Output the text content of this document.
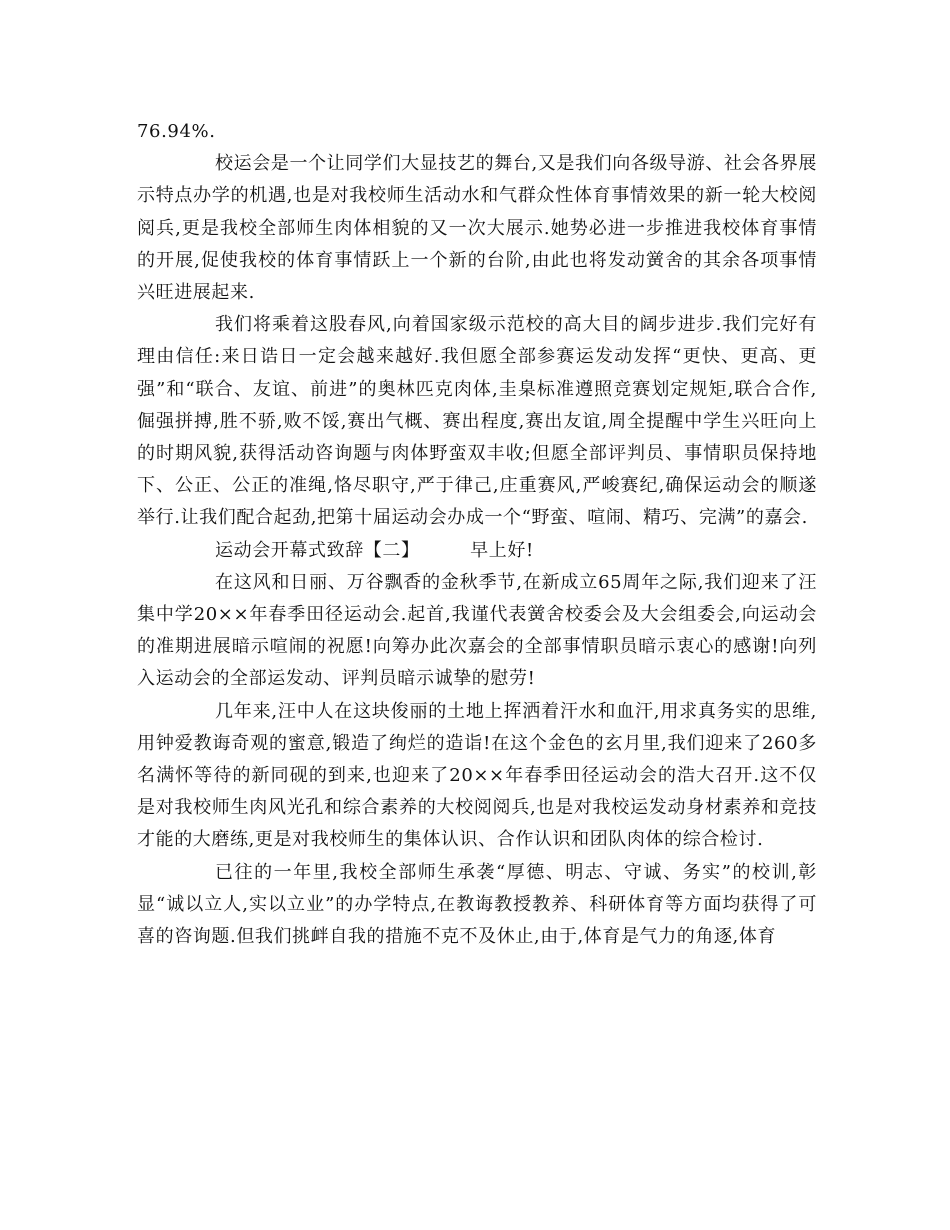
76.94%.

校运会是一个让同学们大显技艺的舞台,又是我们向各级导游、社会各界展示特点办学的机遇,也是对我校师生活动水和气群众性体育事情效果的新一轮大校阅阅兵,更是我校全部师生肉体相貌的又一次大展示.她势必进一步推进我校体育事情的开展,促使我校的体育事情跃上一个新的台阶,由此也将发动黉舍的其余各项事情兴旺进展起来.

我们将乘着这股春风,向着国家级示范校的高大目的阔步进步.我们完好有理由信任:来日诰日一定会越来越好.我但愿全部参赛运发动发挥“更快、更高、更强”和“联合、友谊、前进”的奥林匹克肉体,圭臬标准遵照竞赛划定规矩,联合合作,倔强拼搏,胜不骄,败不馁,赛出气概、赛出程度,赛出友谊,周全提醒中学生兴旺向上的时期风貌,获得活动咨询题与肉体野蛮双丰收;但愿全部评判员、事情职员保持地下、公正、公正的准绳,恪尽职守,严于律己,庄重赛风,严峻赛纪,确保运动会的顺遂举行.让我们配合起劲,把第十届运动会办成一个“野蛮、喧闹、精巧、完满”的嘉会.

运动会开幕式致辞【二】        早上好!

在这风和日丽、万谷飘香的金秋季节,在新成立65周年之际,我们迎来了汪集中学20××年春季田径运动会.起首,我谨代表黉舍校委会及大会组委会,向运动会的准期进展暗示喧闹的祝愿!向筹办此次嘉会的全部事情职员暗示衷心的感谢!向列入运动会的全部运发动、评判员暗示诚挚的慰劳!

几年来,汪中人在这块俊丽的土地上挥洒着汗水和血汗,用求真务实的思维,用钟爱教诲奇观的蜜意,锻造了绚烂的造诣!在这个金色的玄月里,我们迎来了260多名满怀等待的新同砚的到来,也迎来了20××年春季田径运动会的浩大召开.这不仅是对我校师生肉风光孔和综合素养的大校阅阅兵,也是对我校运发动身材素养和竞技才能的大磨练,更是对我校师生的集体认识、合作认识和团队肉体的综合检讨.

已往的一年里,我校全部师生承袭“厚德、明志、守诚、务实”的校训,彰显“诚以立人,实以立业”的办学特点,在教诲教授教养、科研体育等方面均获得了可喜的咨询题.但我们挑衅自我的措施不克不及休止,由于,体育是气力的角逐,体育
